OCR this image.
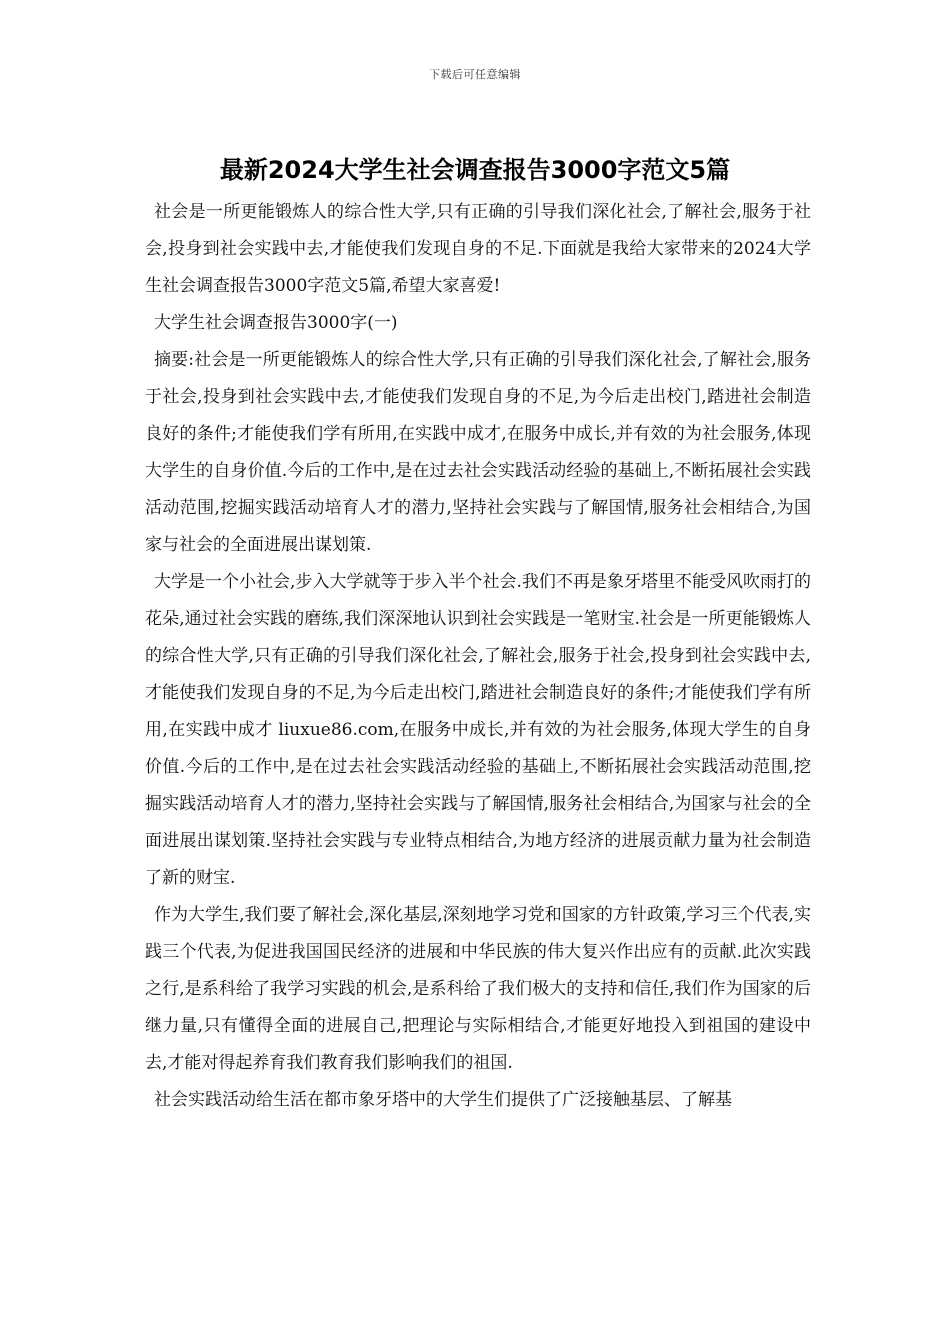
下载后可任意编辑
最新2024大学生社会调查报告3000字范文5篇

社会是一所更能锻炼人的综合性大学,只有正确的引导我们深化社会,了解社会,服务于社会,投身到社会实践中去,才能使我们发现自身的不足.下面就是我给大家带来的2024大学生社会调查报告3000字范文5篇,希望大家喜爱!

大学生社会调查报告3000字(一)

摘要:社会是一所更能锻炼人的综合性大学,只有正确的引导我们深化社会,了解社会,服务于社会,投身到社会实践中去,才能使我们发现自身的不足,为今后走出校门,踏进社会制造良好的条件;才能使我们学有所用,在实践中成才,在服务中成长,并有效的为社会服务,体现大学生的自身价值.今后的工作中,是在过去社会实践活动经验的基础上,不断拓展社会实践活动范围,挖掘实践活动培育人才的潜力,坚持社会实践与了解国情,服务社会相结合,为国家与社会的全面进展出谋划策.

大学是一个小社会,步入大学就等于步入半个社会.我们不再是象牙塔里不能受风吹雨打的花朵,通过社会实践的磨练,我们深深地认识到社会实践是一笔财宝.社会是一所更能锻炼人的综合性大学,只有正确的引导我们深化社会,了解社会,服务于社会,投身到社会实践中去,才能使我们发现自身的不足,为今后走出校门,踏进社会制造良好的条件;才能使我们学有所用,在实践中成才 liuxue86.com,在服务中成长,并有效的为社会服务,体现大学生的自身价值.今后的工作中,是在过去社会实践活动经验的基础上,不断拓展社会实践活动范围,挖掘实践活动培育人才的潜力,坚持社会实践与了解国情,服务社会相结合,为国家与社会的全面进展出谋划策.坚持社会实践与专业特点相结合,为地方经济的进展贡献力量为社会制造了新的财宝.

作为大学生,我们要了解社会,深化基层,深刻地学习党和国家的方针政策,学习三个代表,实践三个代表,为促进我国国民经济的进展和中华民族的伟大复兴作出应有的贡献.此次实践之行,是系科给了我学习实践的机会,是系科给了我们极大的支持和信任,我们作为国家的后继力量,只有懂得全面的进展自己,把理论与实际相结合,才能更好地投入到祖国的建设中去,才能对得起养育我们教育我们影响我们的祖国.

社会实践活动给生活在都市象牙塔中的大学生们提供了广泛接触基层、了解基
